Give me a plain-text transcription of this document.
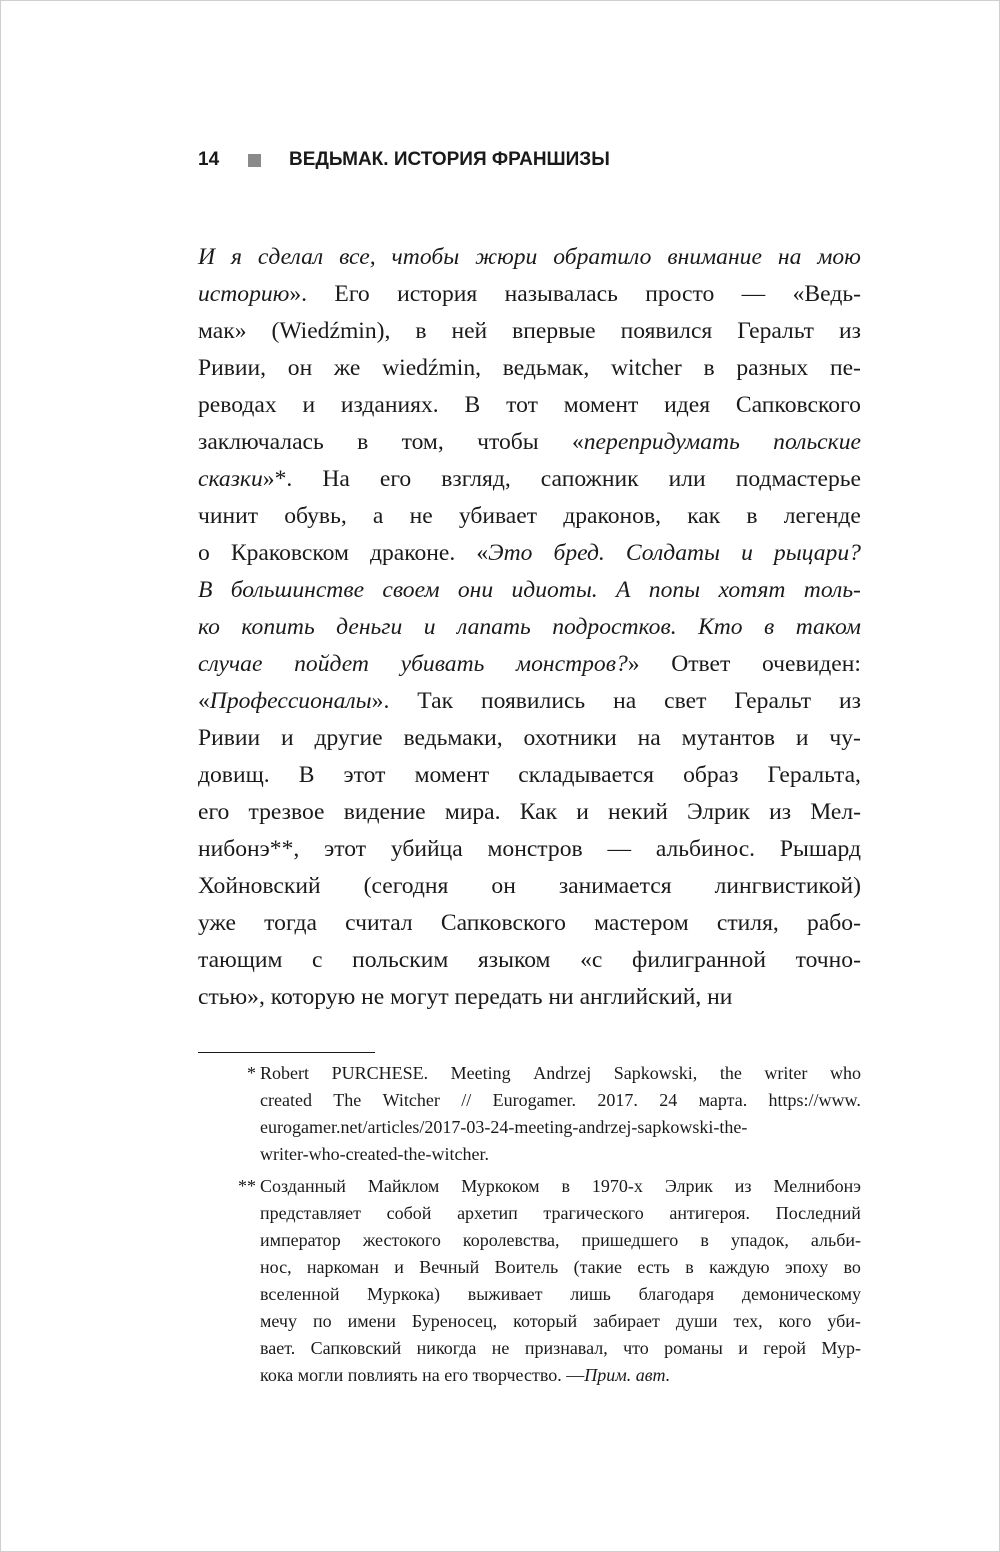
14	ВЕДЬМАК. ИСТОРИЯ ФРАНШИЗЫ
И я сделал все, чтобы жюри обратило внимание на мою
историю». Его история называлась просто — «Ведь-
мак» (Wiedźmin), в ней впервые появился Геральт из
Ривии, он же wiedźmin, ведьмак, witcher в разных пе-
реводах и изданиях. В тот момент идея Сапковского
заключалась в том, чтобы «перепридумать польские
сказки»*. На его взгляд, сапожник или подмастерье
чинит обувь, а не убивает драконов, как в легенде
о Краковском драконе. «Это бред. Солдаты и рыцари?
В большинстве своем они идиоты. А попы хотят толь-
ко копить деньги и лапать подростков. Кто в таком
случае пойдет убивать монстров?» Ответ очевиден:
«Профессионалы». Так появились на свет Геральт из
Ривии и другие ведьмаки, охотники на мутантов и чу-
довищ. В этот момент складывается образ Геральта,
его трезвое видение мира. Как и некий Элрик из Мел-
нибонэ**, этот убийца монстров — альбинос. Рышард
Хойновский (сегодня он занимается лингвистикой)
уже тогда считал Сапковского мастером стиля, рабо-
тающим с польским языком «с филигранной точно-
стью», которую не могут передать ни английский, ни
* Robert PURCHESE. Meeting Andrzej Sapkowski, the writer who
created The Witcher // Eurogamer. 2017. 24 марта. https://www.
eurogamer.net/articles/2017-03-24-meeting-andrzej-sapkowski-the-
writer-who-created-the-witcher.
** Созданный Майклом Муркоком в 1970-х Элрик из Мелнибонэ
представляет собой архетип трагического антигероя. Последний
император жестокого королевства, пришедшего в упадок, альби-
нос, наркоман и Вечный Воитель (такие есть в каждую эпоху во
вселенной Муркока) выживает лишь благодаря демоническому
мечу по имени Буреносец, который забирает души тех, кого уби-
вает. Сапковский никогда не признавал, что романы и герой Мур-
кока могли повлиять на его творчество. — Прим. авт.
